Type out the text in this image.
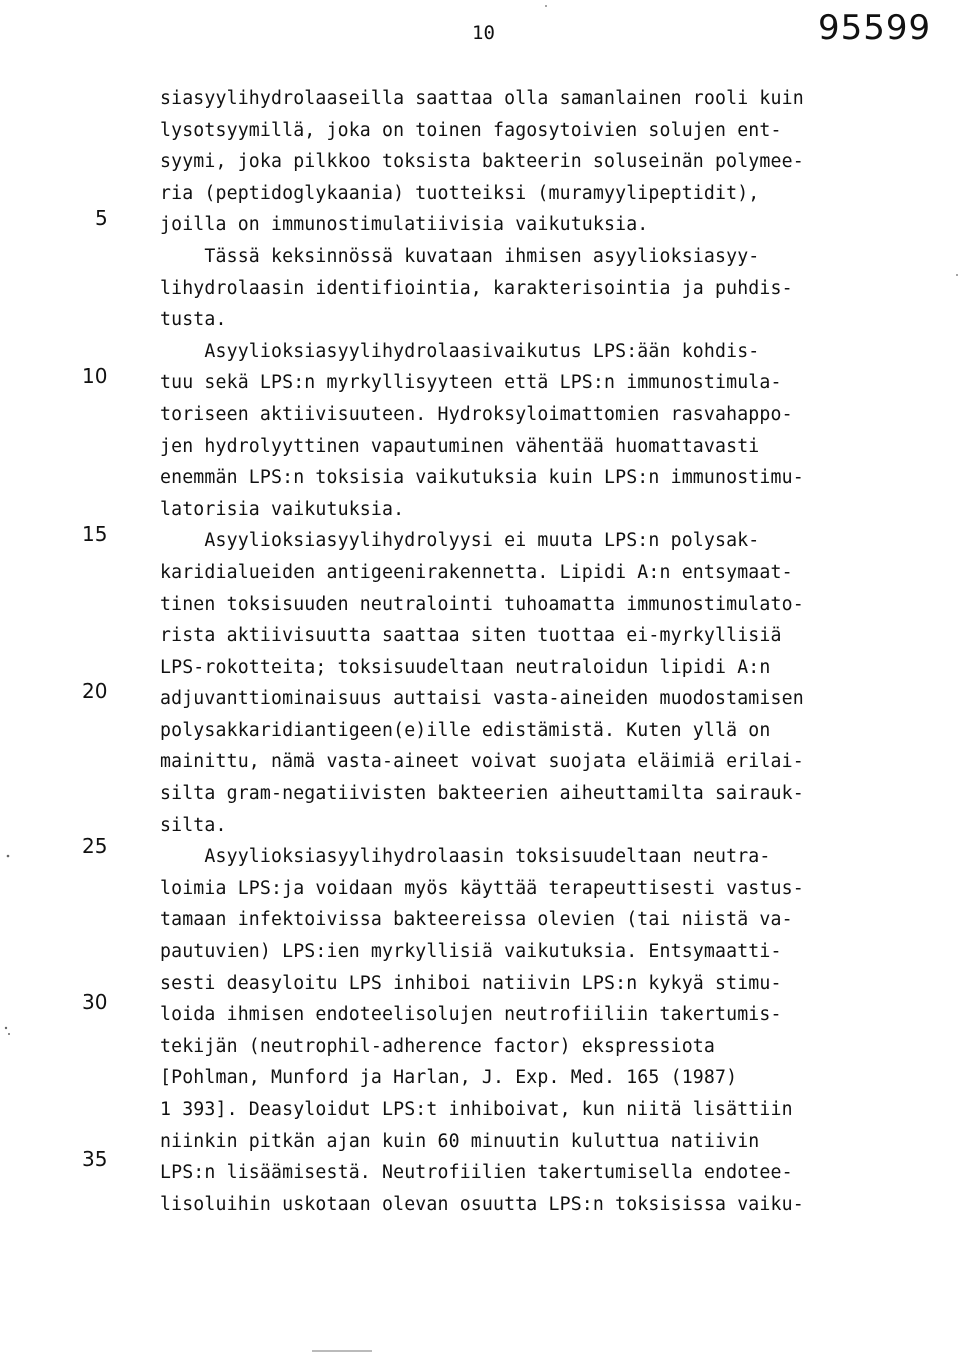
10	95599

5

10

15

20

25

30

35

siasyylihydrolaaseilla saattaa olla samanlainen rooli kuin
lysotsyymillä, joka on toinen fagosytoivien solujen ent-
syymi, joka pilkkoo toksista bakteerin soluseinän polymee-
ria (peptidoglykaania) tuotteiksi (muramyylipeptidit),
joilla on immunostimulatiivisia vaikutuksia.
Tässä keksinnössä kuvataan ihmisen asyylioksiasyy-
lihydrolaasin identifiointia, karakterisointia ja puhdis-
tusta.
Asyylioksiasyylihydrolaasivaikutus LPS:ään kohdis-
tuu sekä LPS:n myrkyllisyyteen että LPS:n immunostimula-
toriseen aktiivisuuteen. Hydroksyloimattomien rasvahappo-
jen hydrolyyttinen vapautuminen vähentää huomattavasti
enemmän LPS:n toksisia vaikutuksia kuin LPS:n immunostimu-
latorisia vaikutuksia.
Asyylioksiasyylihydrolyysi ei muuta LPS:n polysak-
karidialueiden antigeenirakennetta. Lipidi A:n entsymaat-
tinen toksisuuden neutralointi tuhoamatta immunostimulato-
rista aktiivisuutta saattaa siten tuottaa ei-myrkyllisiä
LPS-rokotteita; toksisuudeltaan neutraloidun lipidi A:n
adjuvanttiominaisuus auttaisi vasta-aineiden muodostamisen
polysakkaridiantigeen(e)ille edistämistä. Kuten yllä on
mainittu, nämä vasta-aineet voivat suojata eläimiä erilai-
silta gram-negatiivisten bakteerien aiheuttamilta sairauk-
silta.
Asyylioksiasyylihydrolaasin toksisuudeltaan neutra-
loimia LPS:ja voidaan myös käyttää terapeuttisesti vastus-
tamaan infektoivissa bakteereissa olevien (tai niistä va-
pautuvien) LPS:ien myrkyllisiä vaikutuksia. Entsymaatti-
sesti deasyloitu LPS inhiboi natiivin LPS:n kykyä stimu-
loida ihmisen endoteelisolujen neutrofiiliin takertumis-
tekijän (neutrophil-adherence factor) ekspressiota
[Pohlman, Munford ja Harlan, J. Exp. Med. 165 (1987)
1 393]. Deasyloidut LPS:t inhiboivat, kun niitä lisättiin
niinkin pitkän ajan kuin 60 minuutin kuluttua natiivin
LPS:n lisäämisestä. Neutrofiilien takertumisella endotee-
lisoluihin uskotaan olevan osuutta LPS:n toksisissa vaiku-
